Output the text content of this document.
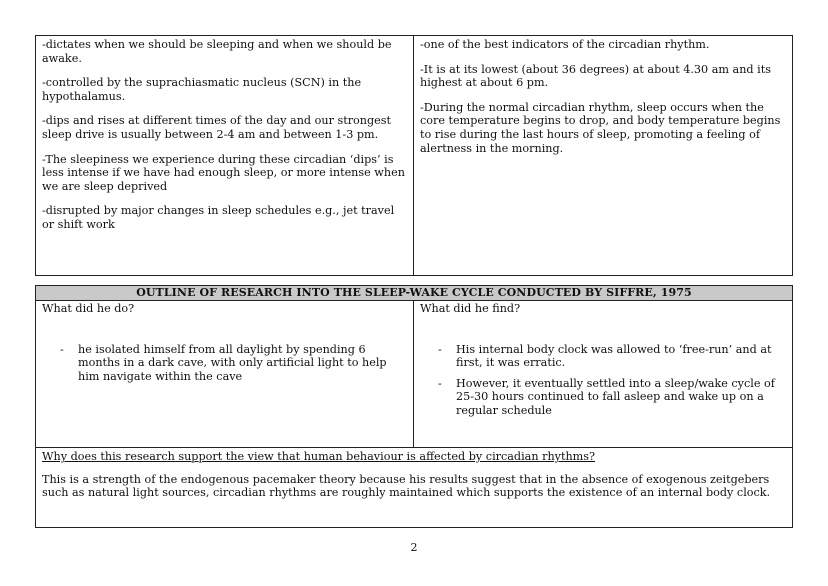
-dictates when we should be sleeping and when we should be awake.

-controlled by the suprachiasmatic nucleus (SCN) in the hypothalamus.

-dips and rises at different times of the day and our strongest sleep drive is usually between 2-4 am and between 1-3 pm.

-The sleepiness we experience during these circadian ‘dips’ is less intense if we have had enough sleep, or more intense when we are sleep deprived

-disrupted by major changes in sleep schedules e.g., jet travel or shift work

-one of the best indicators of the circadian rhythm.

-It is at its lowest (about 36 degrees) at about 4.30 am and its highest at about 6 pm.

-During the normal circadian rhythm, sleep occurs when the core temperature begins to drop, and body temperature begins to rise during the last hours of sleep, promoting a feeling of alertness in the morning.

OUTLINE OF RESEARCH INTO THE SLEEP-WAKE CYCLE CONDUCTED BY SIFFRE, 1975

What did he do?

- he isolated himself from all daylight by spending 6 months in a dark cave, with only artificial light to help him navigate within the cave

What did he find?

- His internal body clock was allowed to ‘free-run’ and at first, it was erratic.
- However, it eventually settled into a sleep/wake cycle of 25-30 hours continued to fall asleep and wake up on a regular schedule

Why does this research support the view that human behaviour is affected by circadian rhythms?

This is a strength of the endogenous pacemaker theory because his results suggest that in the absence of exogenous zeitgebers such as natural light sources, circadian rhythms are roughly maintained which supports the existence of an internal body clock.

2
